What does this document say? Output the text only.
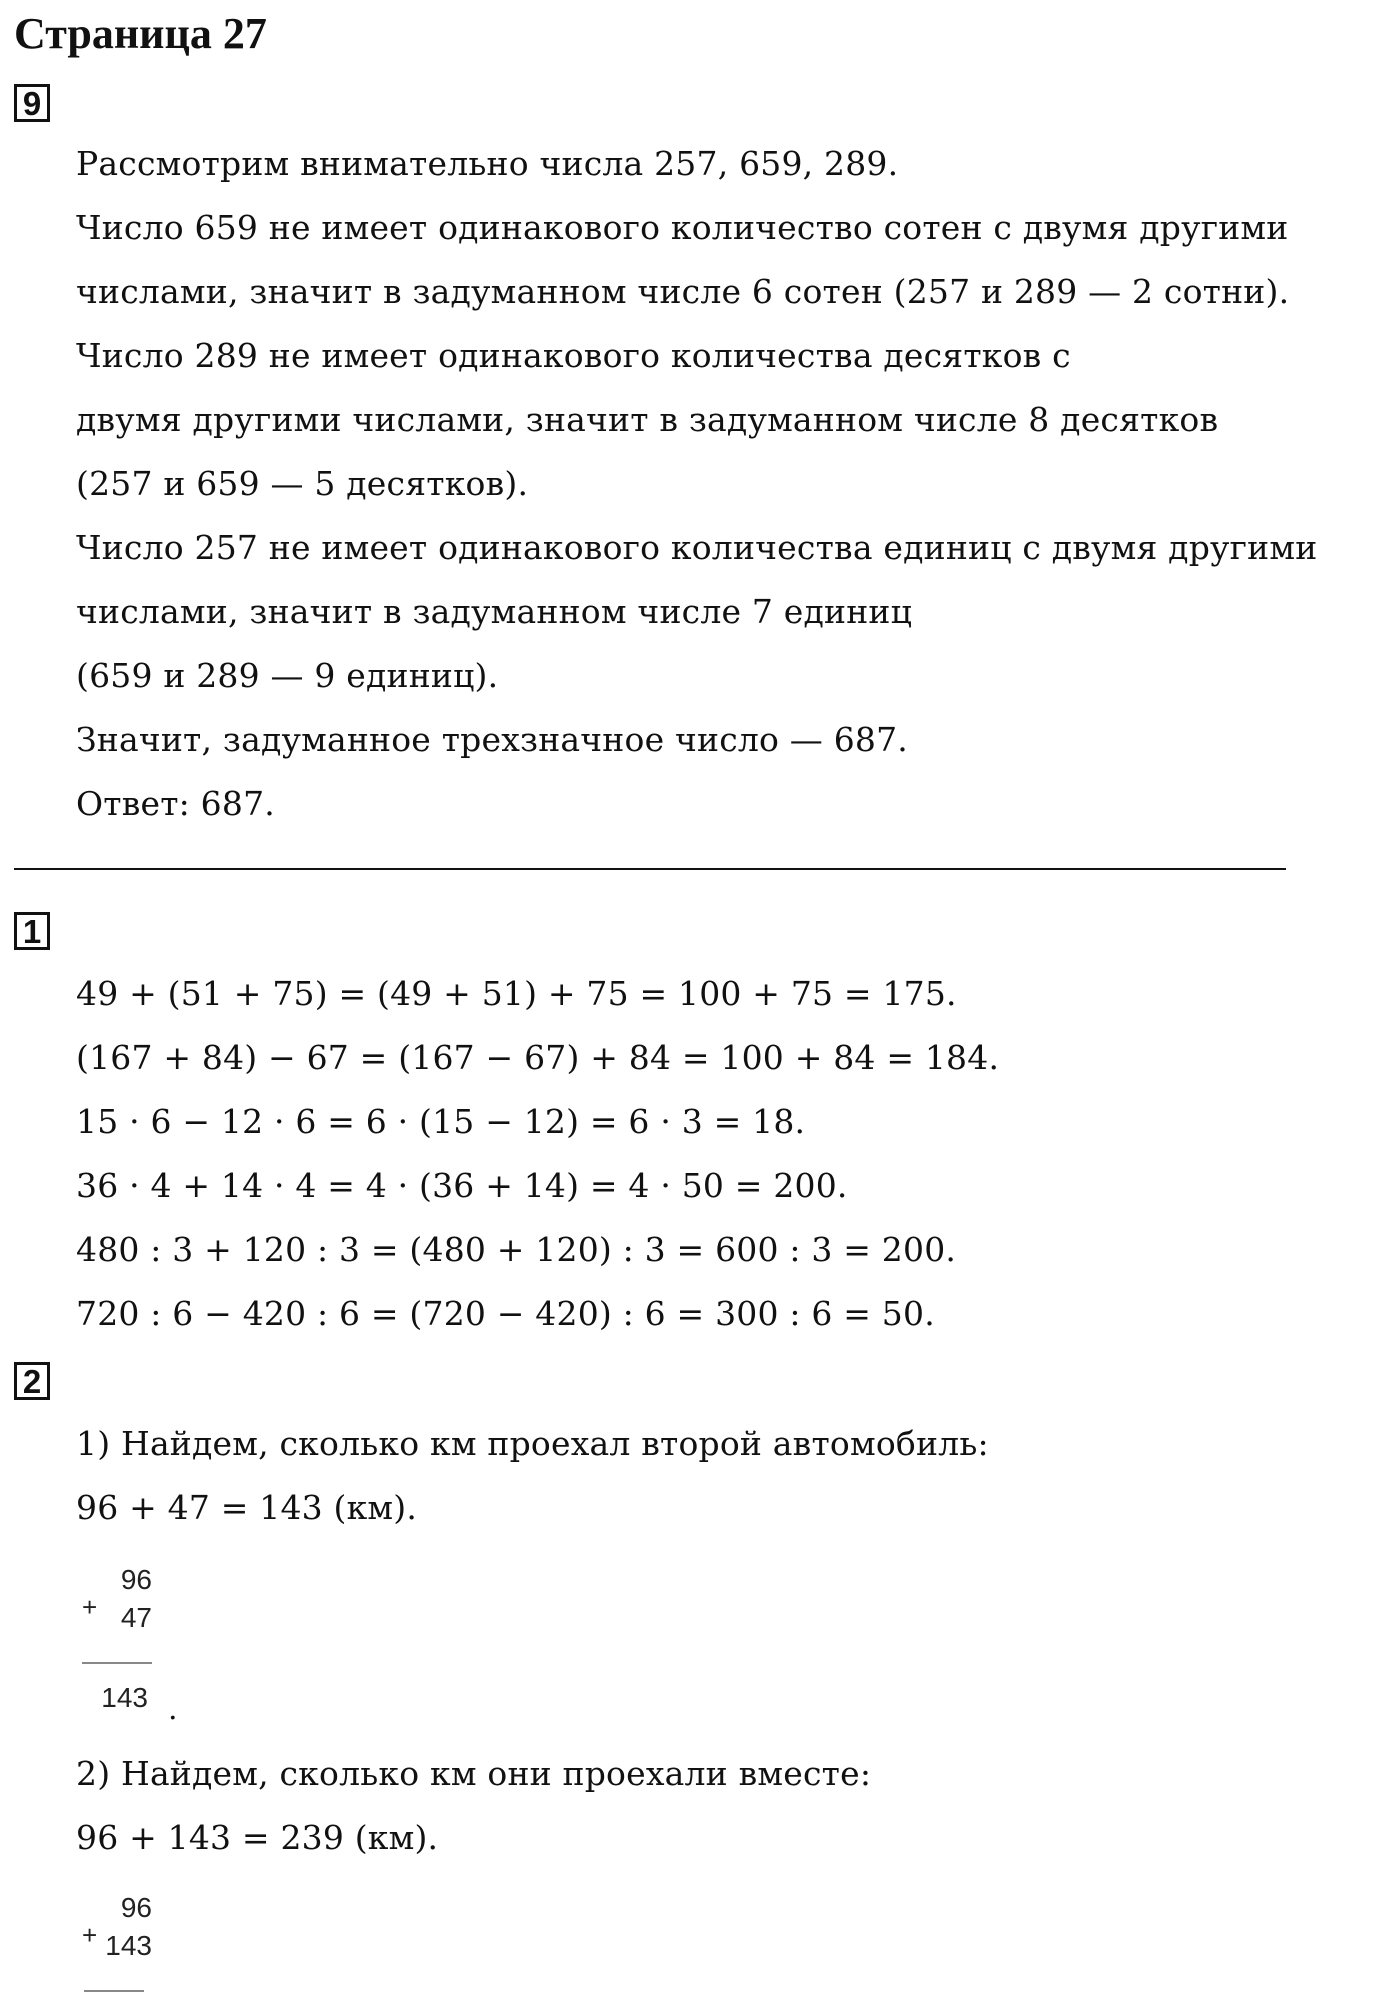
Страница 27
9
Рассмотрим внимательно числа 257, 659, 289.
Число 659 не имеет одинакового количество сотен с двумя другими
числами, значит в задуманном числе 6 сотен (257 и 289 — 2 сотни).
Число 289 не имеет одинакового количества десятков с
двумя другими числами, значит в задуманном числе 8 десятков
(257 и 659 — 5 десятков).
Число 257 не имеет одинакового количества единиц с двумя другими
числами, значит в задуманном числе 7 единиц
(659 и 289 — 9 единиц).
Значит, задуманное трехзначное число — 687.
Ответ: 687.
1
49 + (51 + 75) = (49 + 51) + 75 = 100 + 75 = 175.
(167 + 84) − 67 = (167 − 67) + 84 = 100 + 84 = 184.
15 · 6 − 12 · 6 = 6 · (15 − 12) = 6 · 3 = 18.
36 · 4 + 14 · 4 = 4 · (36 + 14) = 4 · 50 = 200.
480 : 3 + 120 : 3 = (480 + 120) : 3 = 600 : 3 = 200.
720 : 6 − 420 : 6 = (720 − 420) : 6 = 300 : 6 = 50.
2
1) Найдем, сколько км проехал второй автомобиль:
96 + 47 = 143 (км).
+
96
47
143 .
2) Найдем, сколько км они проехали вместе:
96 + 143 = 239 (км).
+
96
143
